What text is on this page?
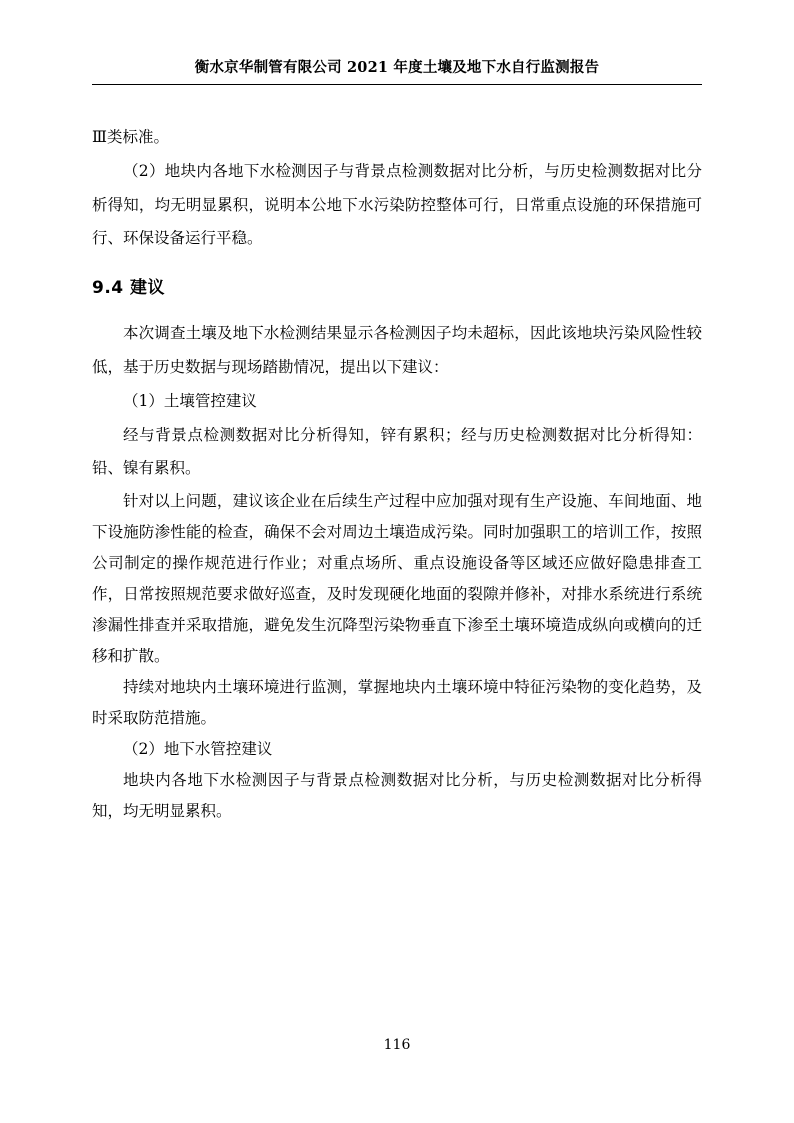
衡水京华制管有限公司 2021 年度土壤及地下水自行监测报告

Ⅲ类标准。

（2）地块内各地下水检测因子与背景点检测数据对比分析，与历史检测数据对比分析得知，均无明显累积，说明本公地下水污染防控整体可行，日常重点设施的环保措施可行、环保设备运行平稳。

9.4 建议

本次调查土壤及地下水检测结果显示各检测因子均未超标，因此该地块污染风险性较低，基于历史数据与现场踏勘情况，提出以下建议：

（1）土壤管控建议

经与背景点检测数据对比分析得知，锌有累积；经与历史检测数据对比分析得知：铅、镍有累积。

针对以上问题，建议该企业在后续生产过程中应加强对现有生产设施、车间地面、地下设施防渗性能的检查，确保不会对周边土壤造成污染。同时加强职工的培训工作，按照公司制定的操作规范进行作业；对重点场所、重点设施设备等区域还应做好隐患排查工作，日常按照规范要求做好巡查，及时发现硬化地面的裂隙并修补，对排水系统进行系统渗漏性排查并采取措施，避免发生沉降型污染物垂直下渗至土壤环境造成纵向或横向的迁移和扩散。

持续对地块内土壤环境进行监测，掌握地块内土壤环境中特征污染物的变化趋势，及时采取防范措施。

（2）地下水管控建议

地块内各地下水检测因子与背景点检测数据对比分析，与历史检测数据对比分析得知，均无明显累积。

116
